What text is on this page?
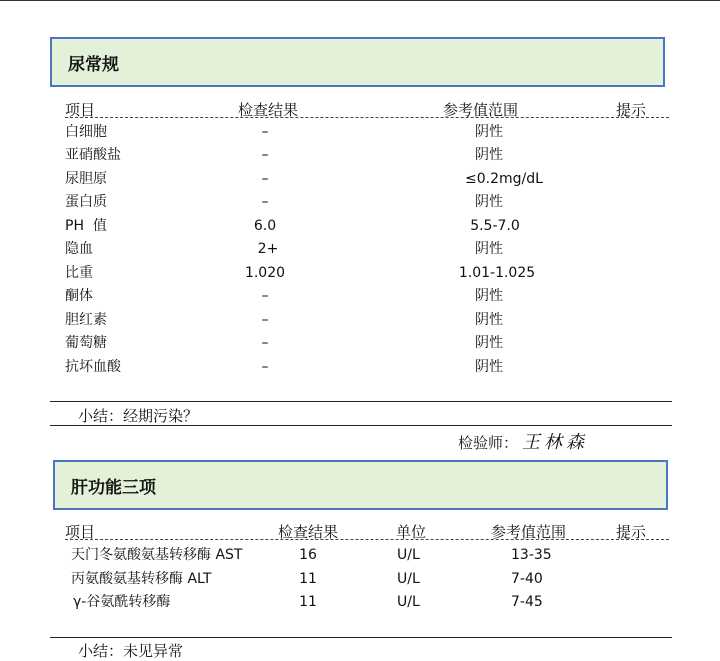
尿常规
项目	检查结果	参考值范围	提示
白细胞	–	阴性
亚硝酸盐	–	阴性
尿胆原	–	≤0.2mg/dL
蛋白质	–	阴性
PH  值	6.0	5.5-7.0
隐血	2+	阴性
比重	1.020	1.01-1.025
酮体	–	阴性
胆红素	–	阴性
葡萄糖	–	阴性
抗坏血酸	–	阴性
小结：经期污染？
检验师： 王林森
肝功能三项
项目	检查结果	单位	参考值范围	提示
天门冬氨酸氨基转移酶 AST	16	U/L	13-35
丙氨酸氨基转移酶 ALT	11	U/L	7-40
γ-谷氨酰转移酶	11	U/L	7-45
小结：未见异常
